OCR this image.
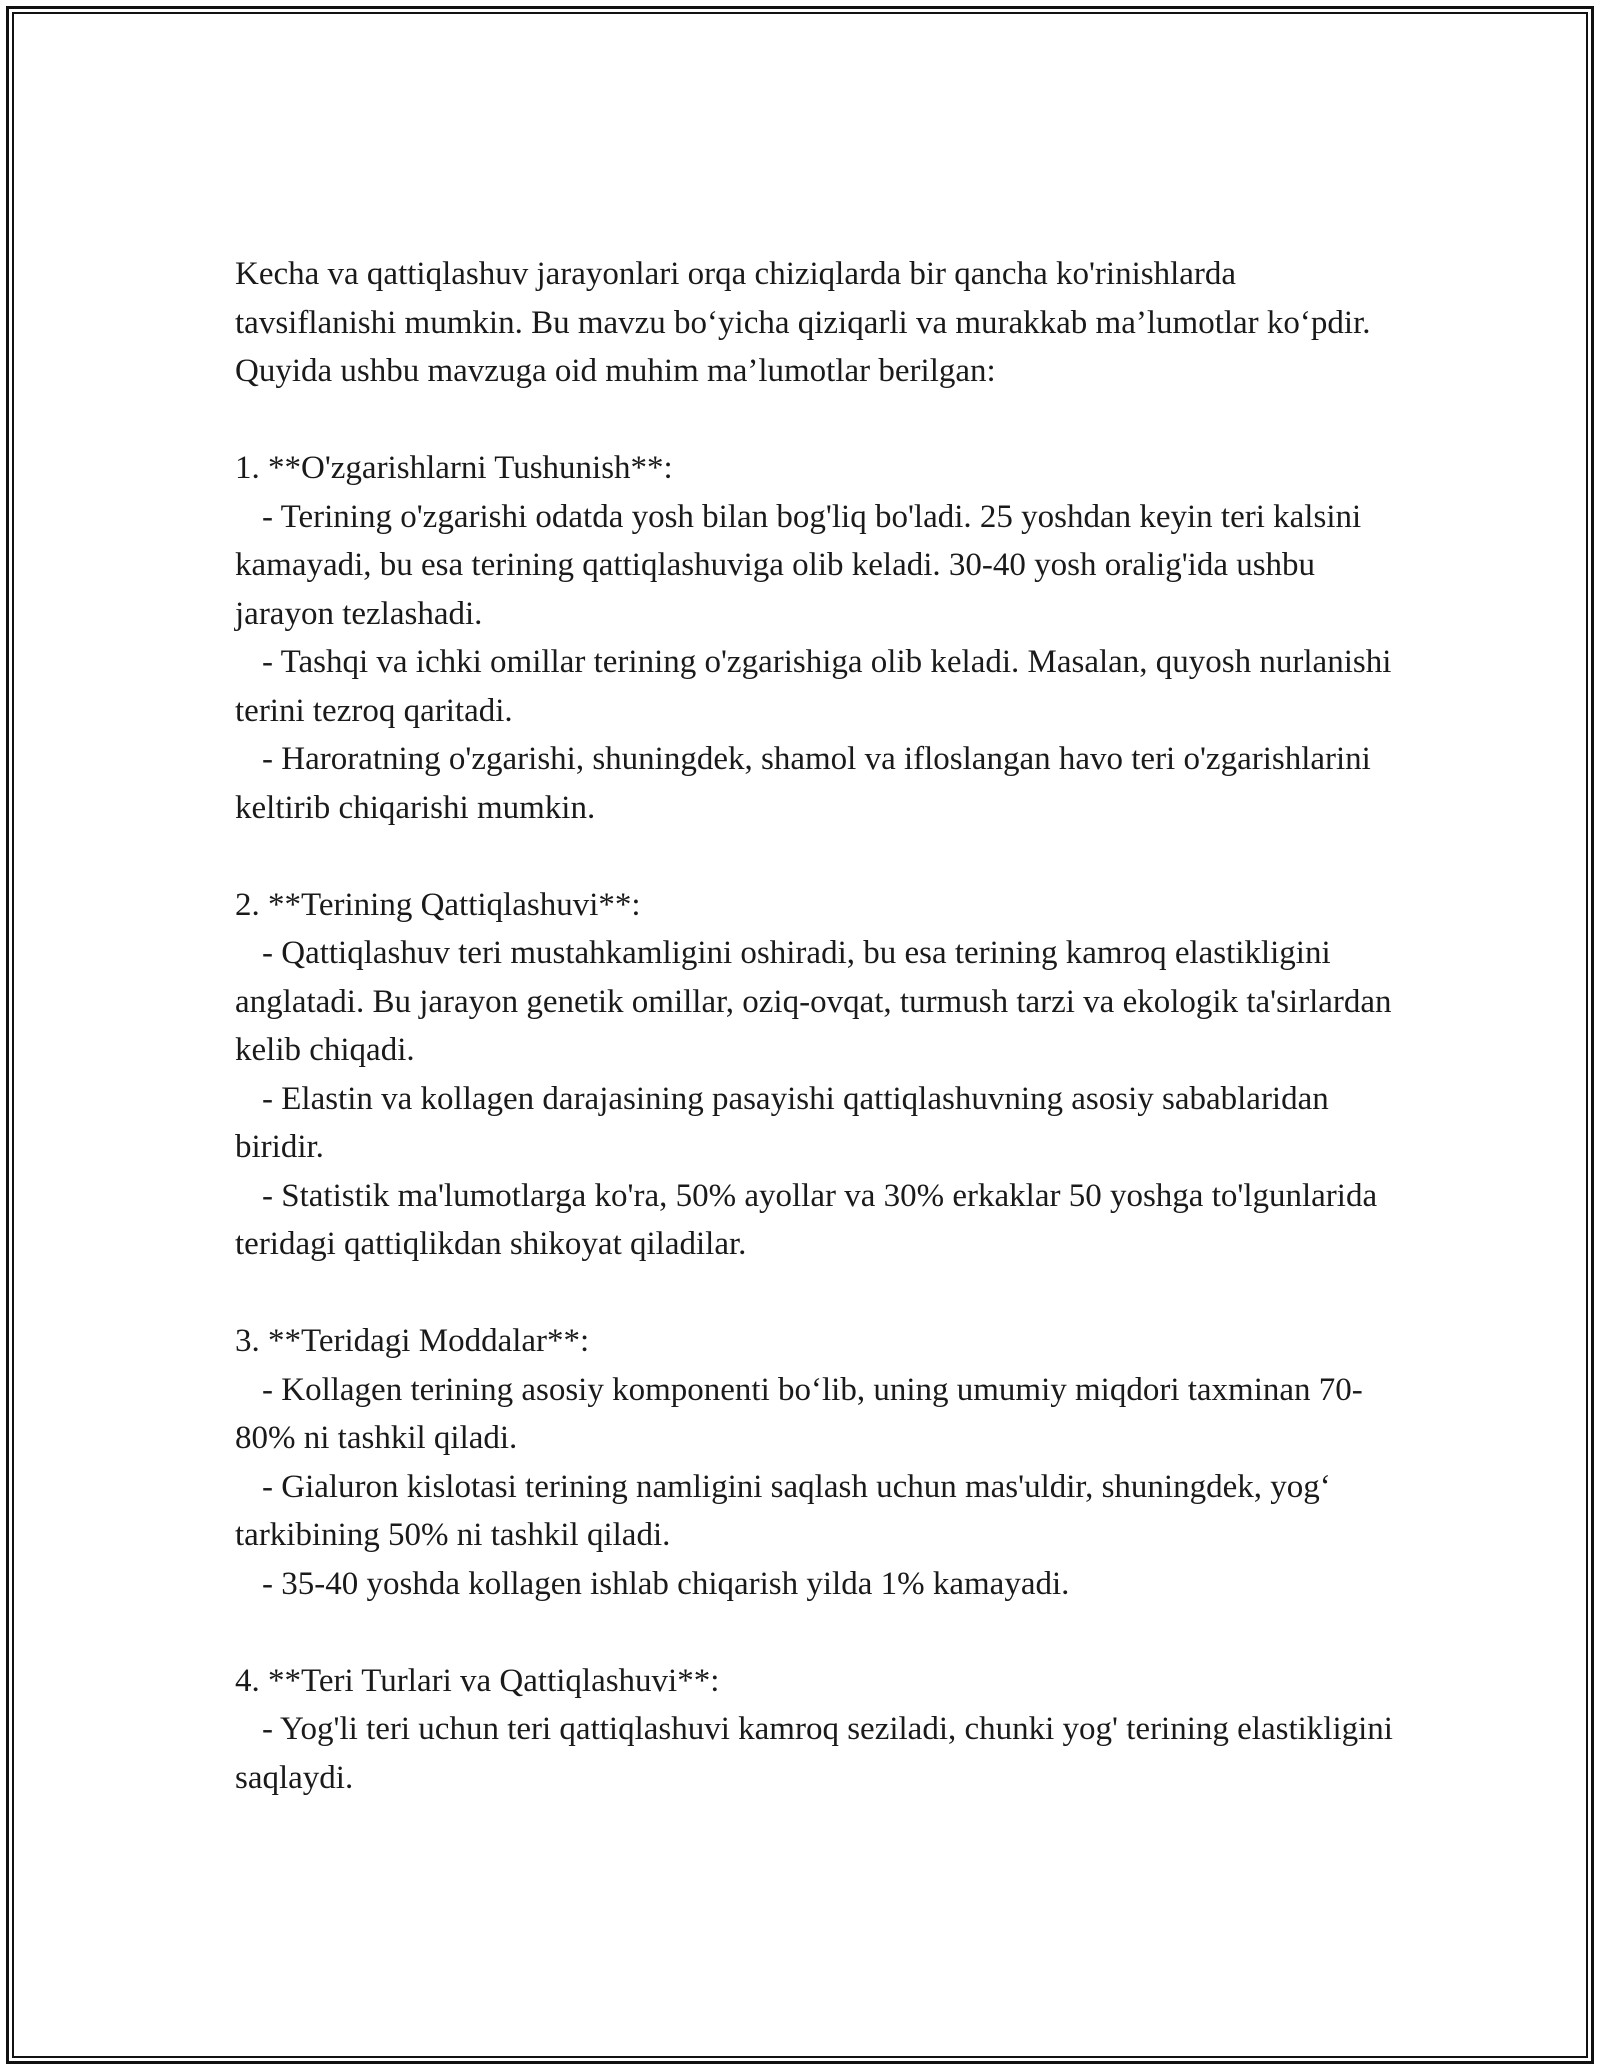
Kecha va qattiqlashuv jarayonlari orqa chiziqlarda bir qancha ko'rinishlarda tavsiflanishi mumkin. Bu mavzu bo‘yicha qiziqarli va murakkab ma’lumotlar ko‘pdir. Quyida ushbu mavzuga oid muhim ma’lumotlar berilgan:

1. **O'zgarishlarni Tushunish**:

- Terining o'zgarishi odatda yosh bilan bog'liq bo'ladi. 25 yoshdan keyin teri kalsini kamayadi, bu esa terining qattiqlashuviga olib keladi. 30-40 yosh oralig'ida ushbu jarayon tezlashadi.

- Tashqi va ichki omillar terining o'zgarishiga olib keladi. Masalan, quyosh nurlanishi terini tezroq qaritadi.

- Haroratning o'zgarishi, shuningdek, shamol va ifloslangan havo teri o'zgarishlarini keltirib chiqarishi mumkin.

2. **Terining Qattiqlashuvi**:

- Qattiqlashuv teri mustahkamligini oshiradi, bu esa terining kamroq elastikligini anglatadi. Bu jarayon genetik omillar, oziq-ovqat, turmush tarzi va ekologik ta'sirlardan kelib chiqadi.

- Elastin va kollagen darajasining pasayishi qattiqlashuvning asosiy sabablaridan biridir.

- Statistik ma'lumotlarga ko'ra, 50% ayollar va 30% erkaklar 50 yoshga to'lgunlarida teridagi qattiqlikdan shikoyat qiladilar.

3. **Teridagi Moddalar**:

- Kollagen terining asosiy komponenti bo‘lib, uning umumiy miqdori taxminan 70-80% ni tashkil qiladi.

- Gialuron kislotasi terining namligini saqlash uchun mas'uldir, shuningdek, yog‘ tarkibining 50% ni tashkil qiladi.

- 35-40 yoshda kollagen ishlab chiqarish yilda 1% kamayadi.

4. **Teri Turlari va Qattiqlashuvi**:

- Yog'li teri uchun teri qattiqlashuvi kamroq seziladi, chunki yog' terining elastikligini saqlaydi.
